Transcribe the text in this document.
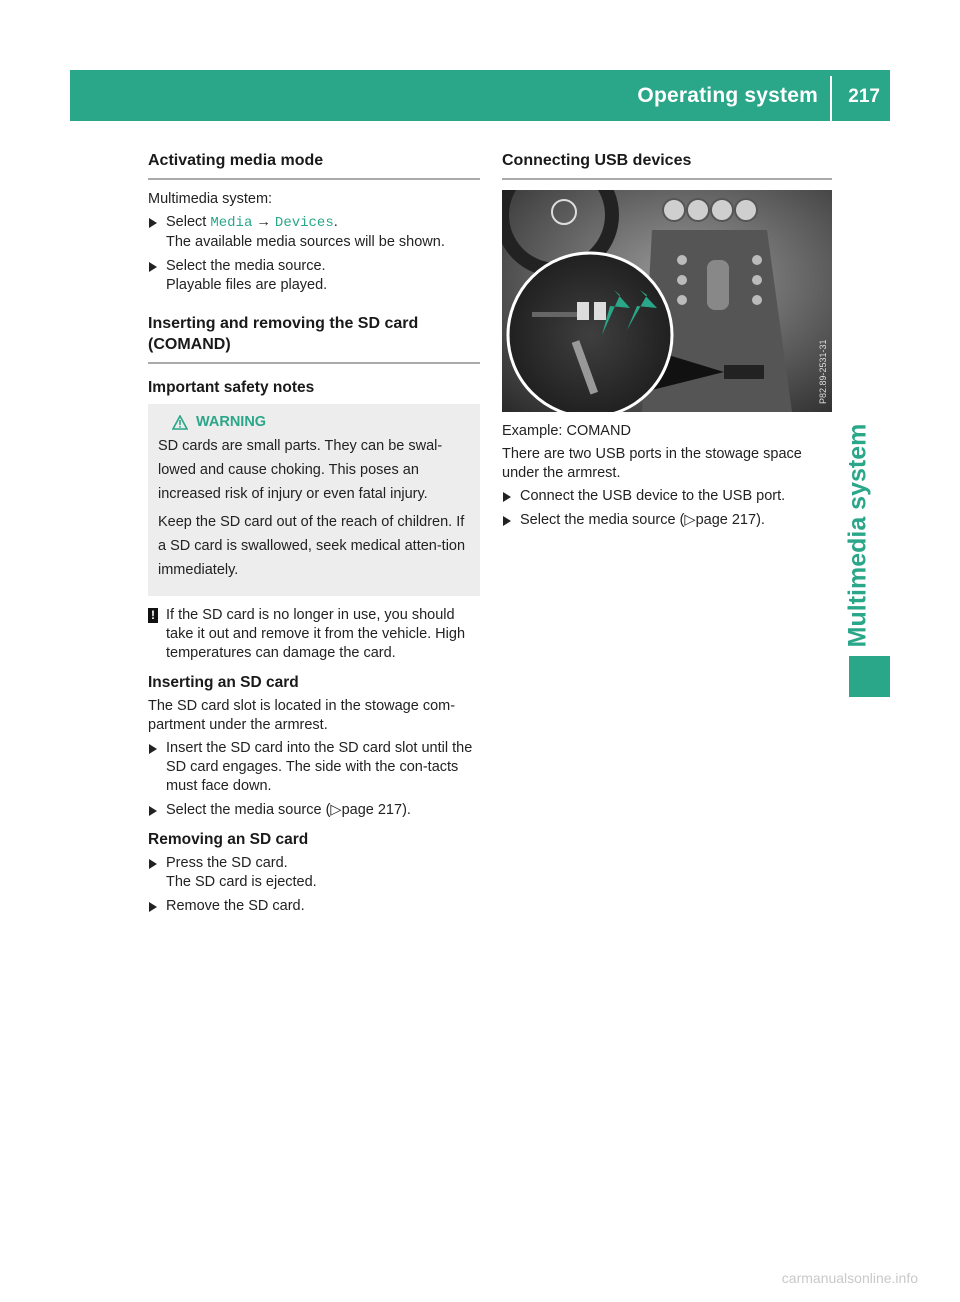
Operating system 217
Multimedia system
Activating media mode

Multimedia system:

Select Media → Devices.
The available media sources will be shown.
Select the media source.
Playable files are played.
Inserting and removing the SD card (COMAND)
Important safety notes
WARNING

SD cards are small parts. They can be swal-lowed and cause choking. This poses an increased risk of injury or even fatal injury.

Keep the SD card out of the reach of children. If a SD card is swallowed, seek medical atten-tion immediately.

! If the SD card is no longer in use, you should take it out and remove it from the vehicle. High temperatures can damage the card.
Inserting an SD card

The SD card slot is located in the stowage com-partment under the armrest.

Insert the SD card into the SD card slot until the SD card engages. The side with the con-tacts must face down.
Select the media source (▷page 217).
Removing an SD card
Press the SD card.
The SD card is ejected.
Remove the SD card.
Connecting USB devices
P82.89-2531-31

Example: COMAND

There are two USB ports in the stowage space under the armrest.

Connect the USB device to the USB port.
Select the media source (▷page 217).
carmanualsonline.info
